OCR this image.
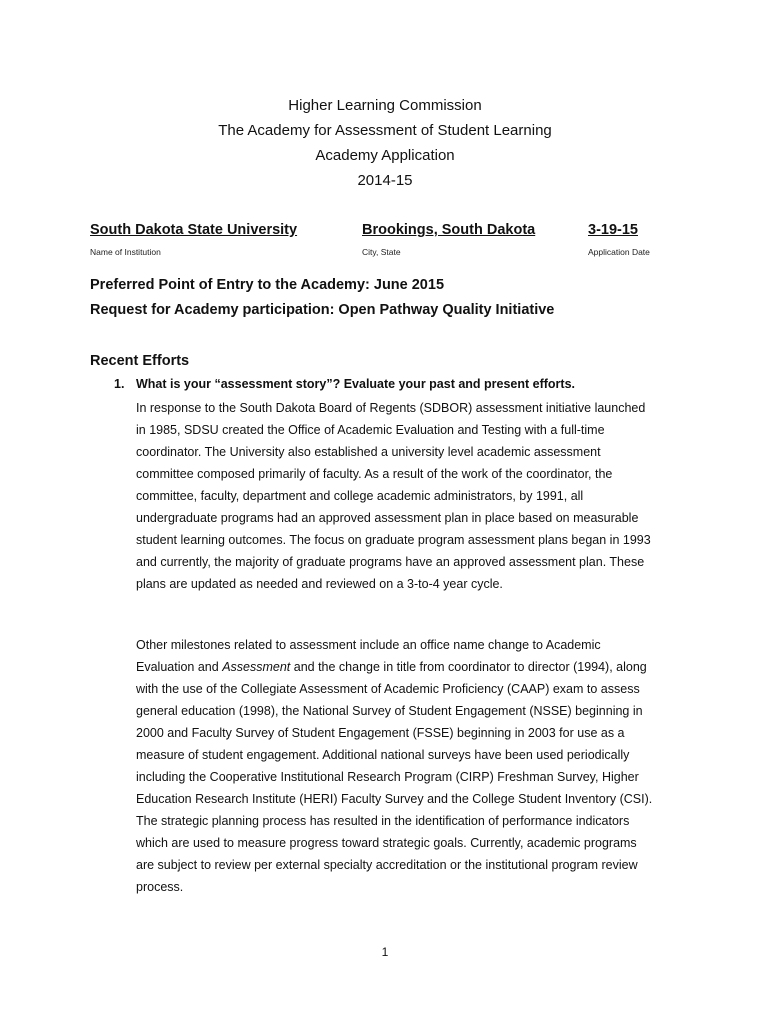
Higher Learning Commission
The Academy for Assessment of Student Learning
Academy Application
2014-15
South Dakota State University	Brookings, South Dakota	3-19-15
Name of Institution	City, State	Application Date
Preferred Point of Entry to the Academy: June 2015
Request for Academy participation: Open Pathway Quality Initiative
Recent Efforts
1. What is your “assessment story”? Evaluate your past and present efforts.
In response to the South Dakota Board of Regents (SDBOR) assessment initiative launched in 1985, SDSU created the Office of Academic Evaluation and Testing with a full-time coordinator. The University also established a university level academic assessment committee composed primarily of faculty. As a result of the work of the coordinator, the committee, faculty, department and college academic administrators, by 1991, all undergraduate programs had an approved assessment plan in place based on measurable student learning outcomes. The focus on graduate program assessment plans began in 1993 and currently, the majority of graduate programs have an approved assessment plan. These plans are updated as needed and reviewed on a 3-to-4 year cycle.
Other milestones related to assessment include an office name change to Academic Evaluation and Assessment and the change in title from coordinator to director (1994), along with the use of the Collegiate Assessment of Academic Proficiency (CAAP) exam to assess general education (1998), the National Survey of Student Engagement (NSSE) beginning in 2000 and Faculty Survey of Student Engagement (FSSE) beginning in 2003 for use as a measure of student engagement. Additional national surveys have been used periodically including the Cooperative Institutional Research Program (CIRP) Freshman Survey, Higher Education Research Institute (HERI) Faculty Survey and the College Student Inventory (CSI). The strategic planning process has resulted in the identification of performance indicators which are used to measure progress toward strategic goals. Currently, academic programs are subject to review per external specialty accreditation or the institutional program review process.
1
